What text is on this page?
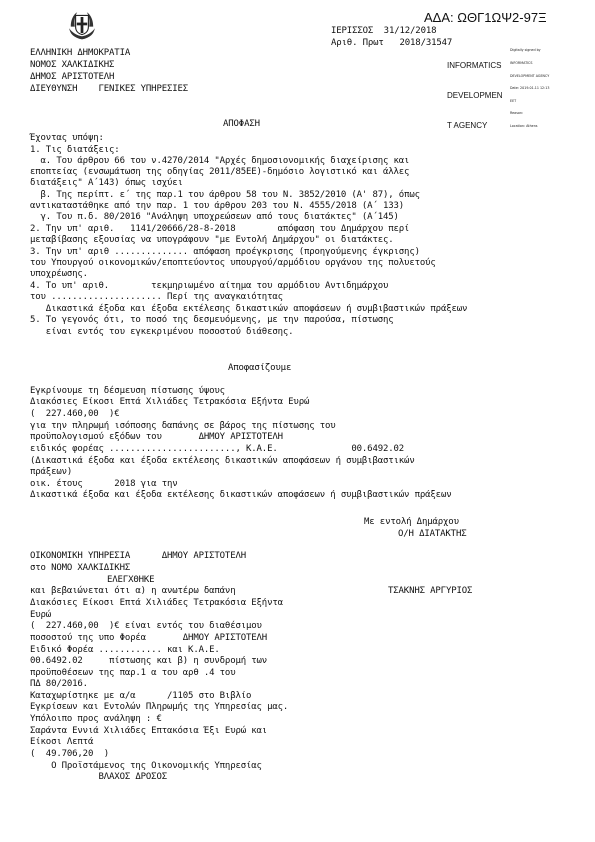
ΑΔΑ: ΩΘΓ1ΩΨ2-97Ξ

INFORMATICS

DEVELOPMEN

T AGENCY

Digitally signed by

INFORMATICS

DEVELOPMENT AGENCY

Date: 2019.01.11 12:13

EET

Reason:

Location: Athens

ΙΕΡΙΣΣΟΣ  31/12/2018
Αριθ. Πρωτ   2018/31547
ΕΛΛΗΝΙΚΗ ΔΗΜΟΚΡΑΤΙΑ
ΝΟΜΟΣ ΧΑΛΚΙΔΙΚΗΣ
ΔΗΜΟΣ ΑΡΙΣΤΟΤΕΛΗ
ΔΙΕΥΘΥΝΣΗ    ΓΕΝΙΚΕΣ ΥΠΗΡΕΣΙΕΣ
ΑΠΟΦΑΣΗ
Έχοντας υπόψη:
1. Τις διατάξεις:
α. Του άρθρου 66 του ν.4270/2014 "Αρχές δημοσιονομικής διαχείρισης και
εποπτείας (ενσωμάτωση της οδηγίας 2011/85ΕΕ)-δημόσιο λογιστικό και άλλες
διατάξεις" Α΄143) όπως ισχύει
β. Της περίπτ. ε΄ της παρ.1 του άρθρου 58 του Ν. 3852/2010 (Α' 87), όπως
αντικαταστάθηκε από την παρ. 1 του άρθρου 203 του Ν. 4555/2018 (Α΄ 133)
γ. Του π.δ. 80/2016 "Ανάληψη υποχρεώσεων από τους διατάκτες" (Α΄145)
2. Την υπ' αριθ.   1141/20666/28-8-2018        απόφαση του Δημάρχου περί
μεταβίβασης εξουσίας να υπογράφουν "με Εντολή Δημάρχου" οι διατάκτες.
3. Την υπ' αριθ .............. απόφαση προέγκρισης (προηγούμενης έγκρισης)
του Υπουργού οικονομικών/εποπτεύοντος υπουργού/αρμόδιου οργάνου της πολυετούς
υποχρέωσης.
4. Το υπ' αριθ.        τεκμηριωμένο αίτημα του αρμόδιου Αντιδημάρχου
του ..................... Περί της αναγκαιότητας
Δικαστικά έξοδα και έξοδα εκτέλεσης δικαστικών αποφάσεων ή συμβιβαστικών πράξεων
5. Το γεγονός ότι, το ποσό της δεσμευόμενης, με την παρούσα, πίστωσης
είναι εντός του εγκεκριμένου ποσοστού διάθεσης.
Αποφασίζουμε
Εγκρίνουμε τη δέσμευση πίστωσης ύψους
Διακόσιες Είκοσι Επτά Χιλιάδες Τετρακόσια Εξήντα Ευρώ
(  227.460,00  )€
για την πληρωμή ισόποσης δαπάνης σε βάρος της πίστωσης του
προϋπολογισμού εξόδων του       ΔΗΜΟΥ ΑΡΙΣΤΟΤΕΛΗ
ειδικός φορέας ........................, Κ.Α.Ε.              00.6492.02
(Δικαστικά έξοδα και έξοδα εκτέλεσης δικαστικών αποφάσεων ή συμβιβαστικών
πράξεων)
οικ. έτους      2018 για την
Δικαστικά έξοδα και έξοδα εκτέλεσης δικαστικών αποφάσεων ή συμβιβαστικών πράξεων
Με εντολή Δημάρχου
Ο/Η ΔΙΑΤΑΚΤΗΣ
ΟΙΚΟΝΟΜΙΚΗ ΥΠΗΡΕΣΙΑ      ΔΗΜΟΥ ΑΡΙΣΤΟΤΕΛΗ
στο ΝΟΜΟ ΧΑΛΚΙΔΙΚΗΣ
ΕΛΕΓΧΘΗΚΕ
και βεβαιώνεται ότι α) η ανωτέρω δαπάνη	ΤΣΑΚΝΗΣ ΑΡΓΥΡΙΟΣ
Διακόσιες Είκοσι Επτά Χιλιάδες Τετρακόσια Εξήντα
Ευρώ
(  227.460,00  )€ είναι εντός του διαθέσιμου
ποσοστού της υπο Φορέα       ΔΗΜΟΥ ΑΡΙΣΤΟΤΕΛΗ
Ειδικό Φορέα ............ και Κ.Α.Ε.
00.6492.02     πίστωσης και β) η συνδρομή των
προϋποθέσεων της παρ.1 α του αρθ .4 του
ΠΔ 80/2016.
Καταχωρίστηκε με α/α      /1105 στο Βιβλίο
Εγκρίσεων και Εντολών Πληρωμής της Υπηρεσίας μας.
Υπόλοιπο προς ανάληψη : €
Σαράντα Εννιά Χιλιάδες Επτακόσια Έξι Ευρώ και
Είκοσι Λεπτά
(  49.706,20  )
Ο Προϊστάμενος της Οικονομικής Υπηρεσίας
ΒΛΑΧΟΣ ΔΡΟΣΟΣ
